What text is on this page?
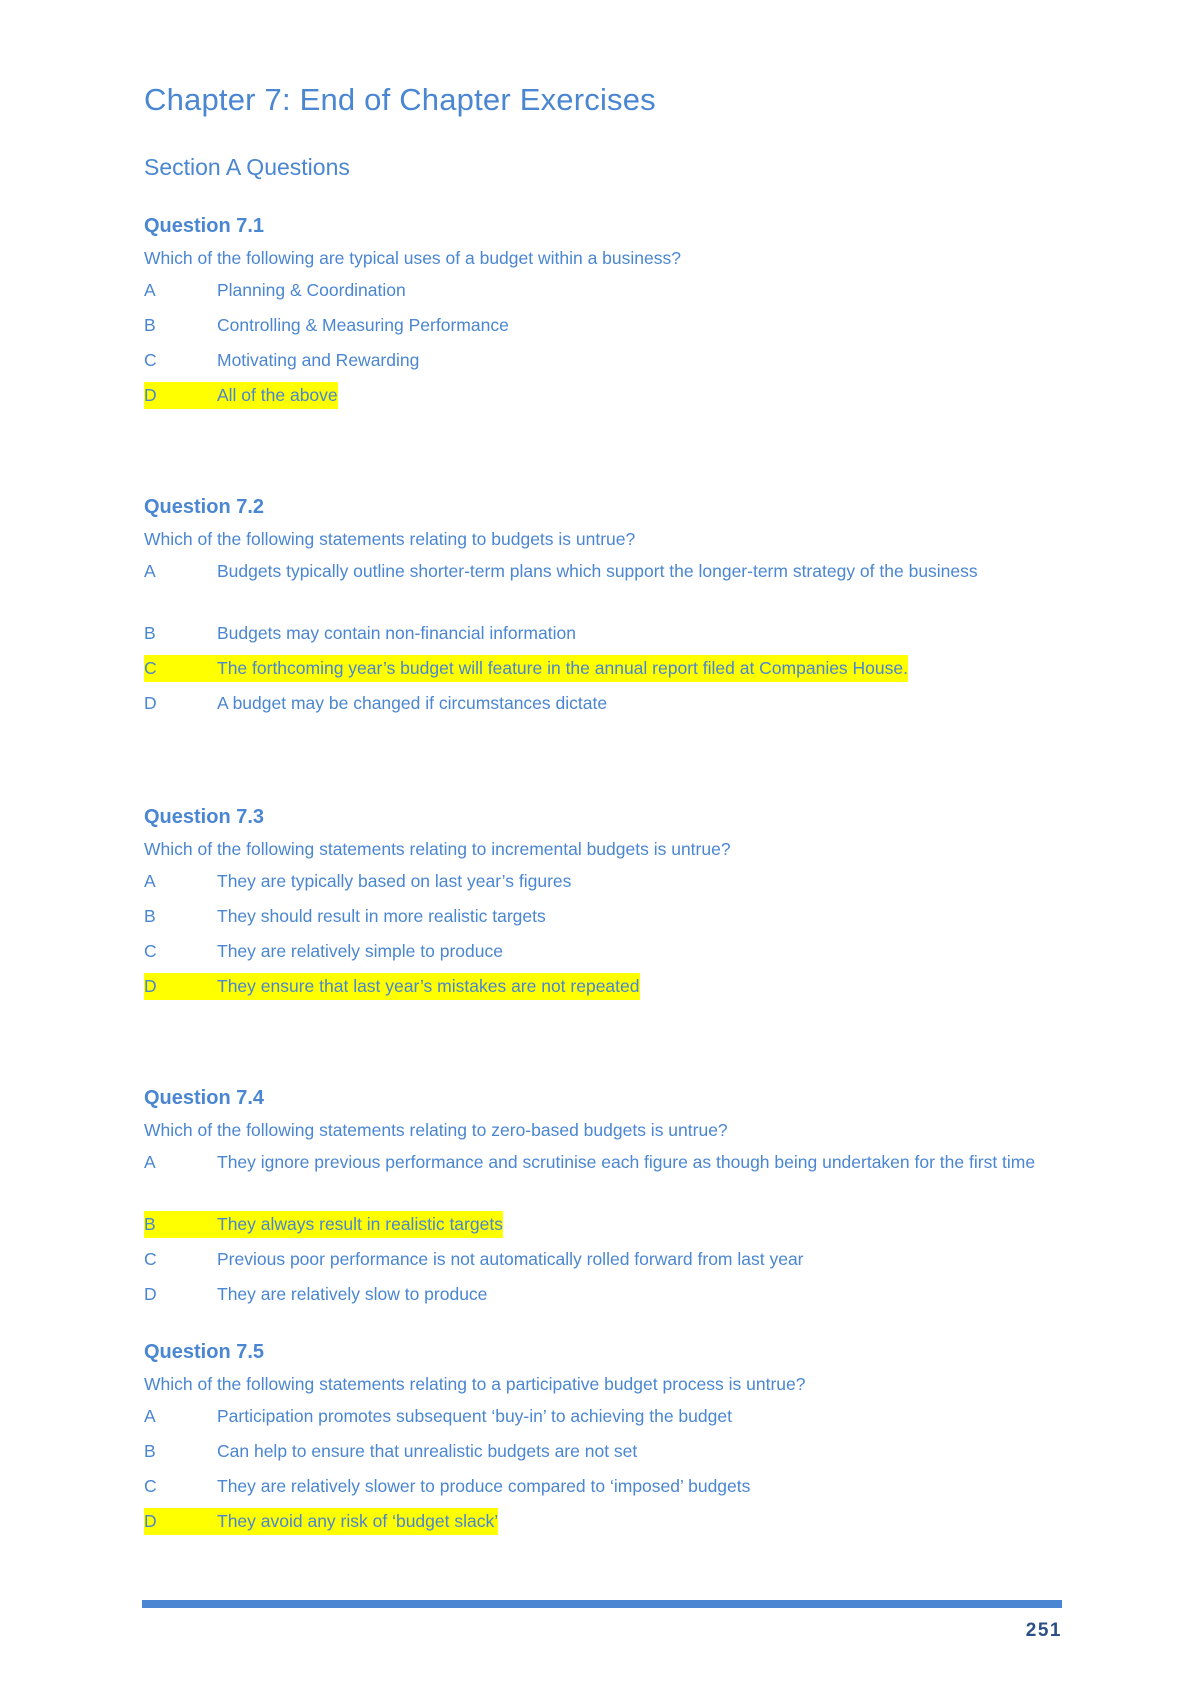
Chapter 7: End of Chapter Exercises
Section A Questions
Question 7.1
Which of the following are typical uses of a budget within a business?
A	Planning & Coordination
B	Controlling & Measuring Performance
C	Motivating and Rewarding
D	All of the above
Question 7.2
Which of the following statements relating to budgets is untrue?
A	Budgets typically outline shorter-term plans which support the longer-term strategy of the business
B	Budgets may contain non-financial information
C	The forthcoming year’s budget will feature in the annual report filed at Companies House.
D	A budget may be changed if circumstances dictate
Question 7.3
Which of the following statements relating to incremental budgets is untrue?
A	They are typically based on last year’s figures
B	They should result in more realistic targets
C	They are relatively simple to produce
D	They ensure that last year’s mistakes are not repeated
Question 7.4
Which of the following statements relating to zero-based budgets is untrue?
A	They ignore previous performance and scrutinise each figure as though being undertaken for the first time
B	They always result in realistic targets
C	Previous poor performance is not automatically rolled forward from last year
D	They are relatively slow to produce
Question 7.5
Which of the following statements relating to a participative budget process is untrue?
A	Participation promotes subsequent ‘buy-in’ to achieving the budget
B	Can help to ensure that unrealistic budgets are not set
C	They are relatively slower to produce compared to ‘imposed’ budgets
D	They avoid any risk of ‘budget slack’
251
